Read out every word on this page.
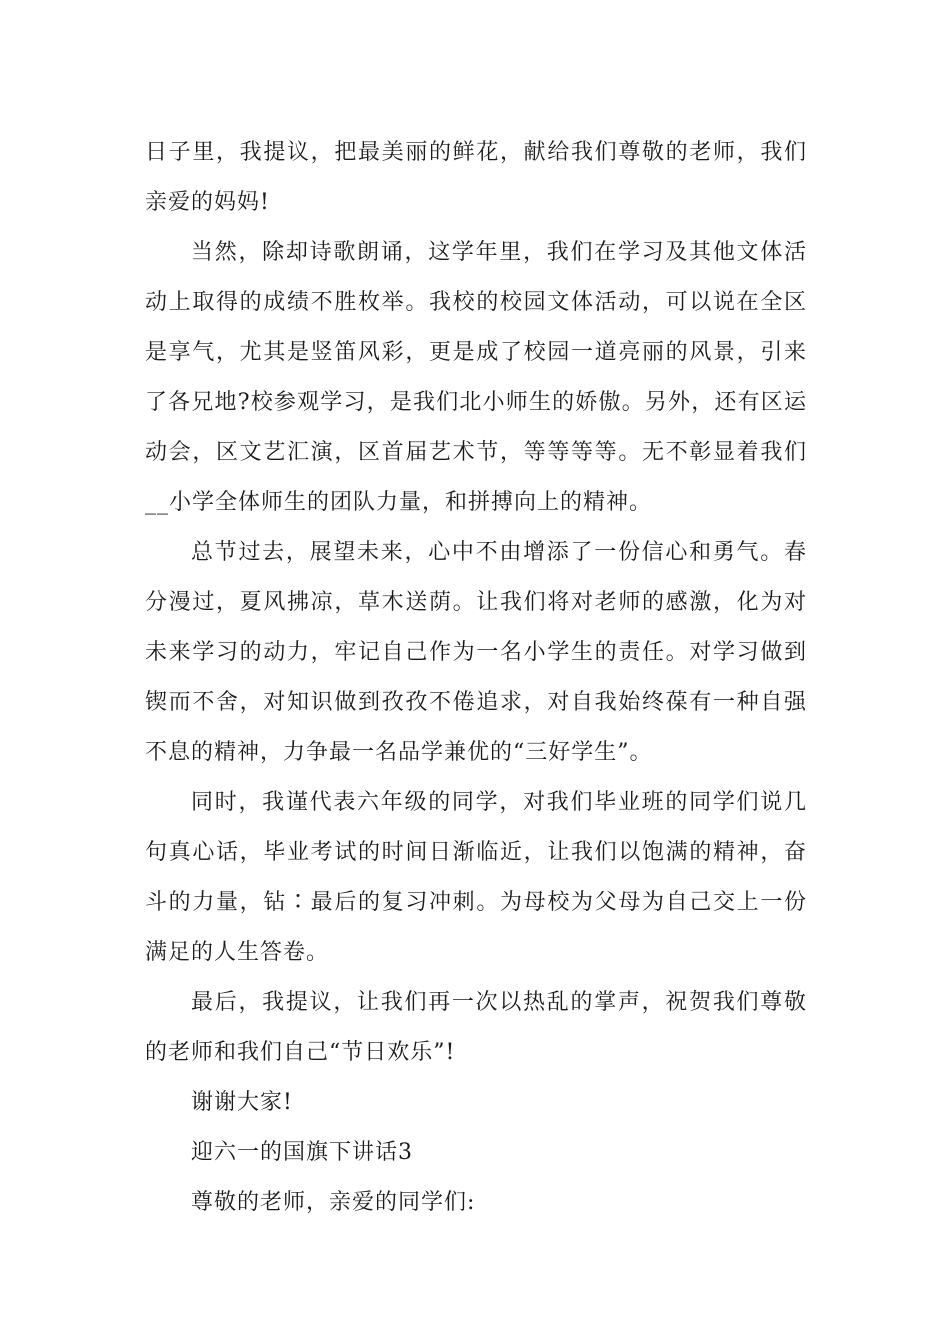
日子里，我提议，把最美丽的鲜花，献给我们尊敬的老师，我们亲爱的妈妈!

当然，除却诗歌朗诵，这学年里，我们在学习及其他文体活动上取得的成绩不胜枚举。我校的校园文体活动，可以说在全区是享气，尤其是竖笛风彩，更是成了校园一道亮丽的风景，引来了各兄地?校参观学习，是我们北小师生的娇傲。另外，还有区运动会，区文艺汇演，区首届艺术节，等等等等。无不彰显着我们__小学全体师生的团队力量，和拼搏向上的精神。

总节过去，展望未来，心中不由增添了一份信心和勇气。春分漫过，夏风拂凉，草木送荫。让我们将对老师的感激，化为对未来学习的动力，牢记自己作为一名小学生的责任。对学习做到锲而不舍，对知识做到孜孜不倦追求，对自我始终葆有一种自强不息的精神，力争最一名品学兼优的“三好学生”。

同时，我谨代表六年级的同学，对我们毕业班的同学们说几句真心话，毕业考试的时间日渐临近，让我们以饱满的精神，奋斗的力量，钻∶最后的复习冲刺。为母校为父母为自己交上一份满足的人生答卷。

最后，我提议，让我们再一次以热乱的掌声，祝贺我们尊敬的老师和我们自己“节日欢乐”!

谢谢大家!

迎六一的国旗下讲话3

尊敬的老师，亲爱的同学们:
